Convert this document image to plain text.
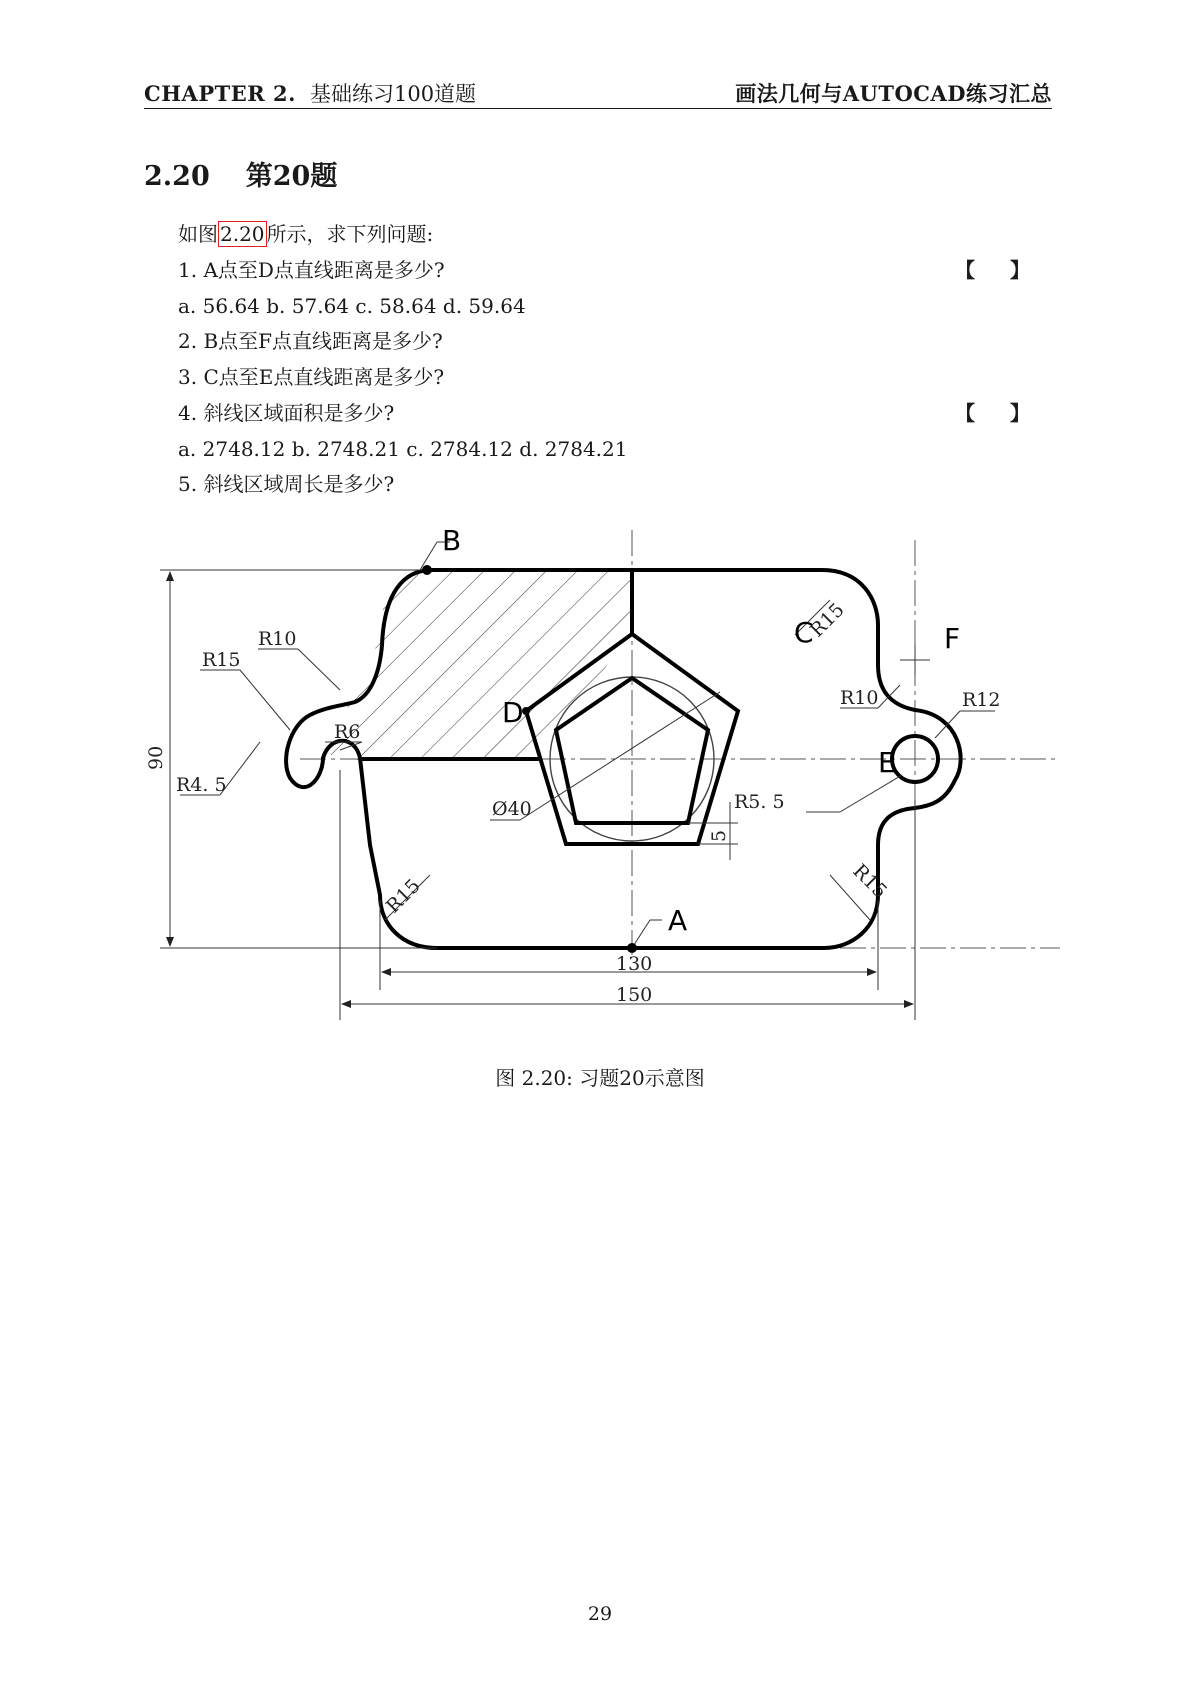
CHAPTER 2. 基础练习100道题	画法几何与AUTOCAD练习汇总
2.20 第20题
如图 2.20 所示，求下列问题:
1. A点至D点直线距离是多少?	【 】
a. 56.64 b. 57.64 c. 58.64 d. 59.64
2. B点至F点直线距离是多少?
3. C点至E点直线距离是多少?
4. 斜线区域面积是多少?	【 】
a. 2748.12 b. 2748.21 c. 2784.12 d. 2784.21
5. 斜线区域周长是多少?
Ø40
5
90
130
150
R15
R10
R6
R4. 5
R15
R10	R12
R5. 5
R15	R15
B
A
D
C
E
F
图 2.20: 习题20示意图
29
